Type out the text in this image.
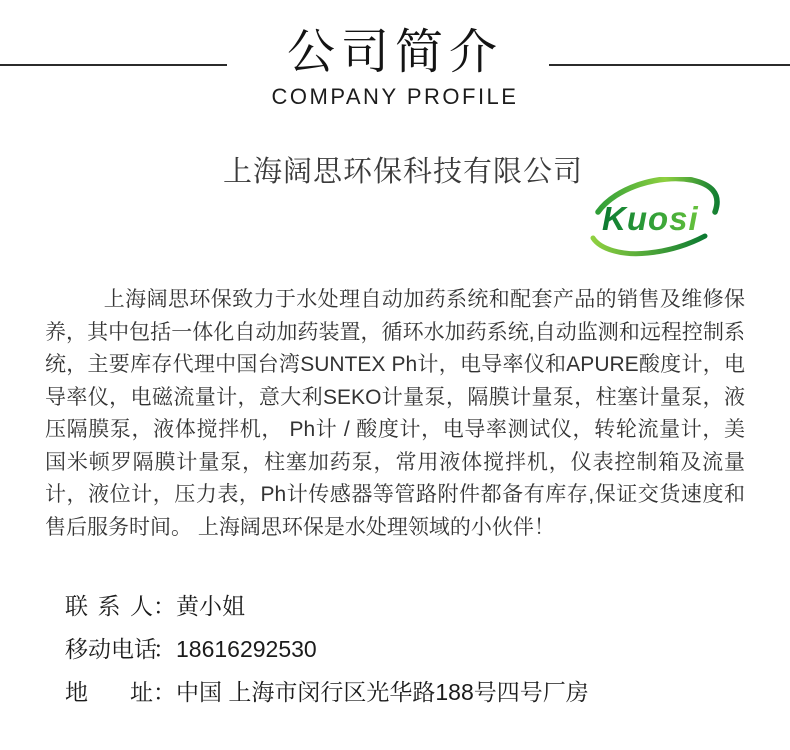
公司简介
COMPANY PROFILE
上海阔思环保科技有限公司
Kuosi
上海阔思环保致力于水处理自动加药系统和配套产品的销售及维修保养，其中包括一体化自动加药装置，循环水加药系统,自动监测和远程控制系统，主要库存代理中国台湾SUNTEX Ph计，电导率仪和APURE酸度计，电导率仪，电磁流量计，意大利SEKO计量泵，隔膜计量泵，柱塞计量泵，液压隔膜泵，液体搅拌机， Ph计 / 酸度计，电导率测试仪，转轮流量计，美国米顿罗隔膜计量泵，柱塞加药泵，常用液体搅拌机，仪表控制箱及流量计，液位计，压力表，Ph计传感器等管路附件都备有库存,保证交货速度和售后服务时间。 上海阔思环保是水处理领域的小伙伴！
联系人：黄小姐
移动电话：18616292530
地址：中国 上海市闵行区光华路188号四号厂房
